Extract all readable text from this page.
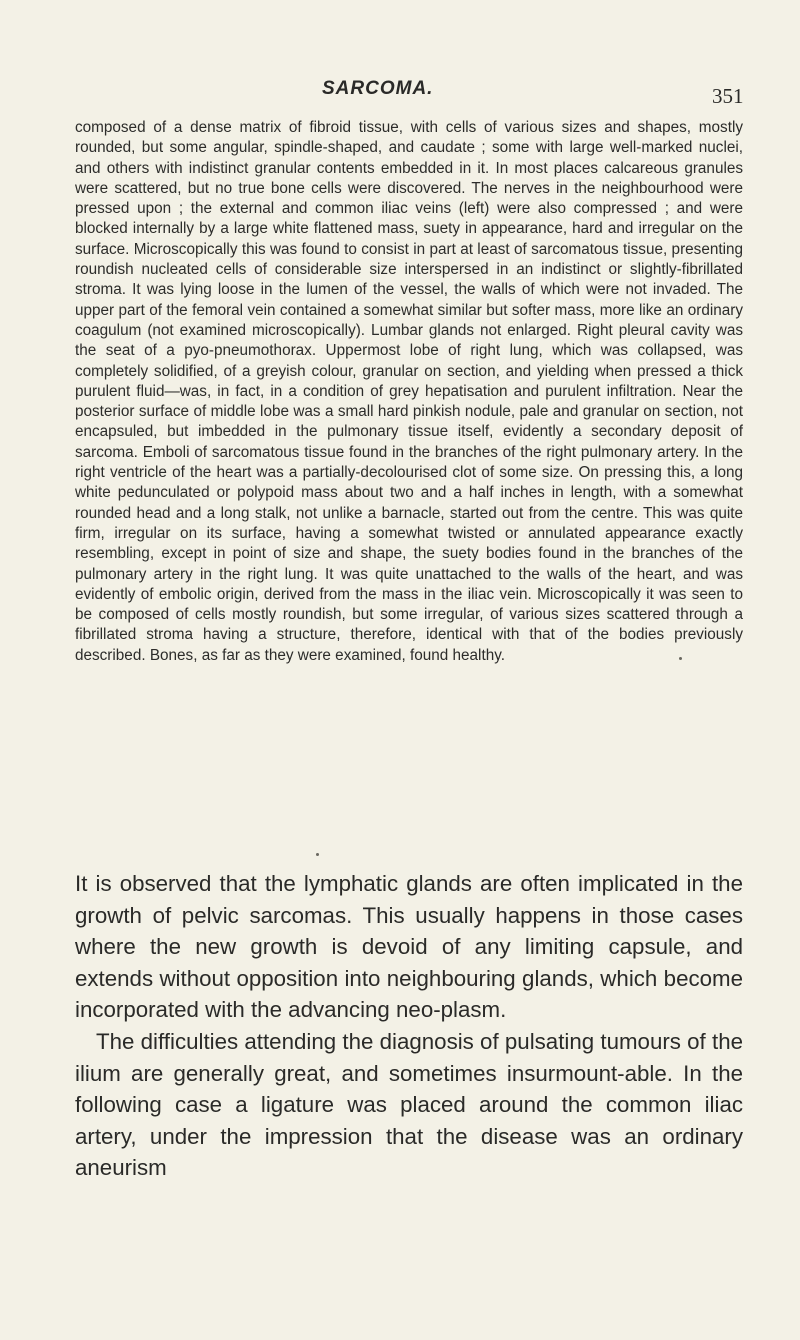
SARCOMA.	351

composed of a dense matrix of fibroid tissue, with cells of various sizes and shapes, mostly rounded, but some angular, spindle-shaped, and caudate ; some with large well-marked nuclei, and others with indistinct granular contents embedded in it. In most places calcareous granules were scattered, but no true bone cells were discovered. The nerves in the neighbourhood were pressed upon ; the external and common iliac veins (left) were also compressed ; and were blocked internally by a large white flattened mass, suety in appearance, hard and irregular on the surface. Microscopically this was found to consist in part at least of sarcomatous tissue, presenting roundish nucleated cells of considerable size interspersed in an indistinct or slightly-fibrillated stroma. It was lying loose in the lumen of the vessel, the walls of which were not invaded. The upper part of the femoral vein contained a somewhat similar but softer mass, more like an ordinary coagulum (not examined microscopically). Lumbar glands not enlarged. Right pleural cavity was the seat of a pyo-pneumothorax. Uppermost lobe of right lung, which was collapsed, was completely solidified, of a greyish colour, granular on section, and yielding when pressed a thick purulent fluid—was, in fact, in a condition of grey hepatisation and purulent infiltration. Near the posterior surface of middle lobe was a small hard pinkish nodule, pale and granular on section, not encapsuled, but imbedded in the pulmonary tissue itself, evidently a secondary deposit of sarcoma. Emboli of sarcomatous tissue found in the branches of the right pulmonary artery. In the right ventricle of the heart was a partially-decolourised clot of some size. On pressing this, a long white pedunculated or polypoid mass about two and a half inches in length, with a somewhat rounded head and a long stalk, not unlike a barnacle, started out from the centre. This was quite firm, irregular on its surface, having a somewhat twisted or annulated appearance exactly resembling, except in point of size and shape, the suety bodies found in the branches of the pulmonary artery in the right lung. It was quite unattached to the walls of the heart, and was evidently of embolic origin, derived from the mass in the iliac vein. Microscopically it was seen to be composed of cells mostly roundish, but some irregular, of various sizes scattered through a fibrillated stroma having a structure, therefore, identical with that of the bodies previously described. Bones, as far as they were examined, found healthy.

It is observed that the lymphatic glands are often implicated in the growth of pelvic sarcomas. This usually happens in those cases where the new growth is devoid of any limiting capsule, and extends without opposition into neighbouring glands, which become incorporated with the advancing neo-plasm.

The difficulties attending the diagnosis of pulsating tumours of the ilium are generally great, and sometimes insurmount-able. In the following case a ligature was placed around the common iliac artery, under the impression that the disease was an ordinary aneurism
